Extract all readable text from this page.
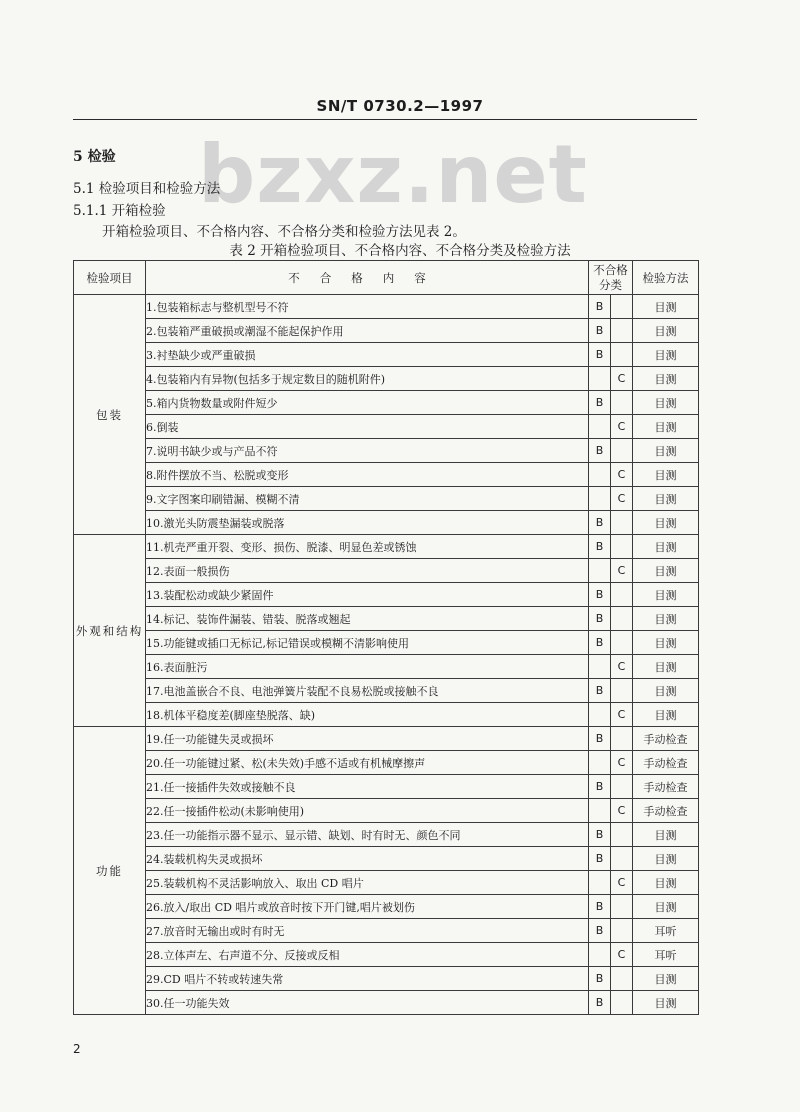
SN/T 0730.2—1997
bzxz.net
5 检验
5.1 检验项目和检验方法
5.1.1 开箱检验
开箱检验项目、不合格内容、不合格分类和检验方法见表 2。
表 2 开箱检验项目、不合格内容、不合格分类及检验方法
检验项目	不合格内容	不合格分类		检验方法
包装	1.包装箱标志与整机型号不符	B		目测
	2.包装箱严重破损或潮湿不能起保护作用	B		目测
	3.衬垫缺少或严重破损	B		目测
	4.包装箱内有异物(包括多于规定数目的随机附件)		C	目测
	5.箱内货物数量或附件短少	B		目测
	6.倒装		C	目测
	7.说明书缺少或与产品不符	B		目测
	8.附件摆放不当、松脱或变形		C	目测
	9.文字图案印刷错漏、模糊不清		C	目测
	10.激光头防震垫漏装或脱落	B		目测
外观和结构	11.机壳严重开裂、变形、损伤、脱漆、明显色差或锈蚀	B		目测
	12.表面一般损伤		C	目测
	13.装配松动或缺少紧固件	B		目测
	14.标记、装饰件漏装、错装、脱落或翘起	B		目测
	15.功能键或插口无标记,标记错误或模糊不清影响使用	B		目测
	16.表面脏污		C	目测
	17.电池盖嵌合不良、电池弹簧片装配不良易松脱或接触不良	B		目测
	18.机体平稳度差(脚座垫脱落、缺)		C	目测
功能	19.任一功能键失灵或损坏	B		手动检查
	20.任一功能键过紧、松(未失效)手感不适或有机械摩擦声		C	手动检查
	21.任一接插件失效或接触不良	B		手动检查
	22.任一接插件松动(未影响使用)		C	手动检查
	23.任一功能指示器不显示、显示错、缺划、时有时无、颜色不同	B		目测
	24.装载机构失灵或损坏	B		目测
	25.装载机构不灵活影响放入、取出 CD 唱片		C	目测
	26.放入/取出 CD 唱片或放音时按下开门键,唱片被划伤	B		目测
	27.放音时无输出或时有时无	B		耳听
	28.立体声左、右声道不分、反接或反相		C	耳听
	29.CD 唱片不转或转速失常	B		目测
	30.任一功能失效	B		目测
2
